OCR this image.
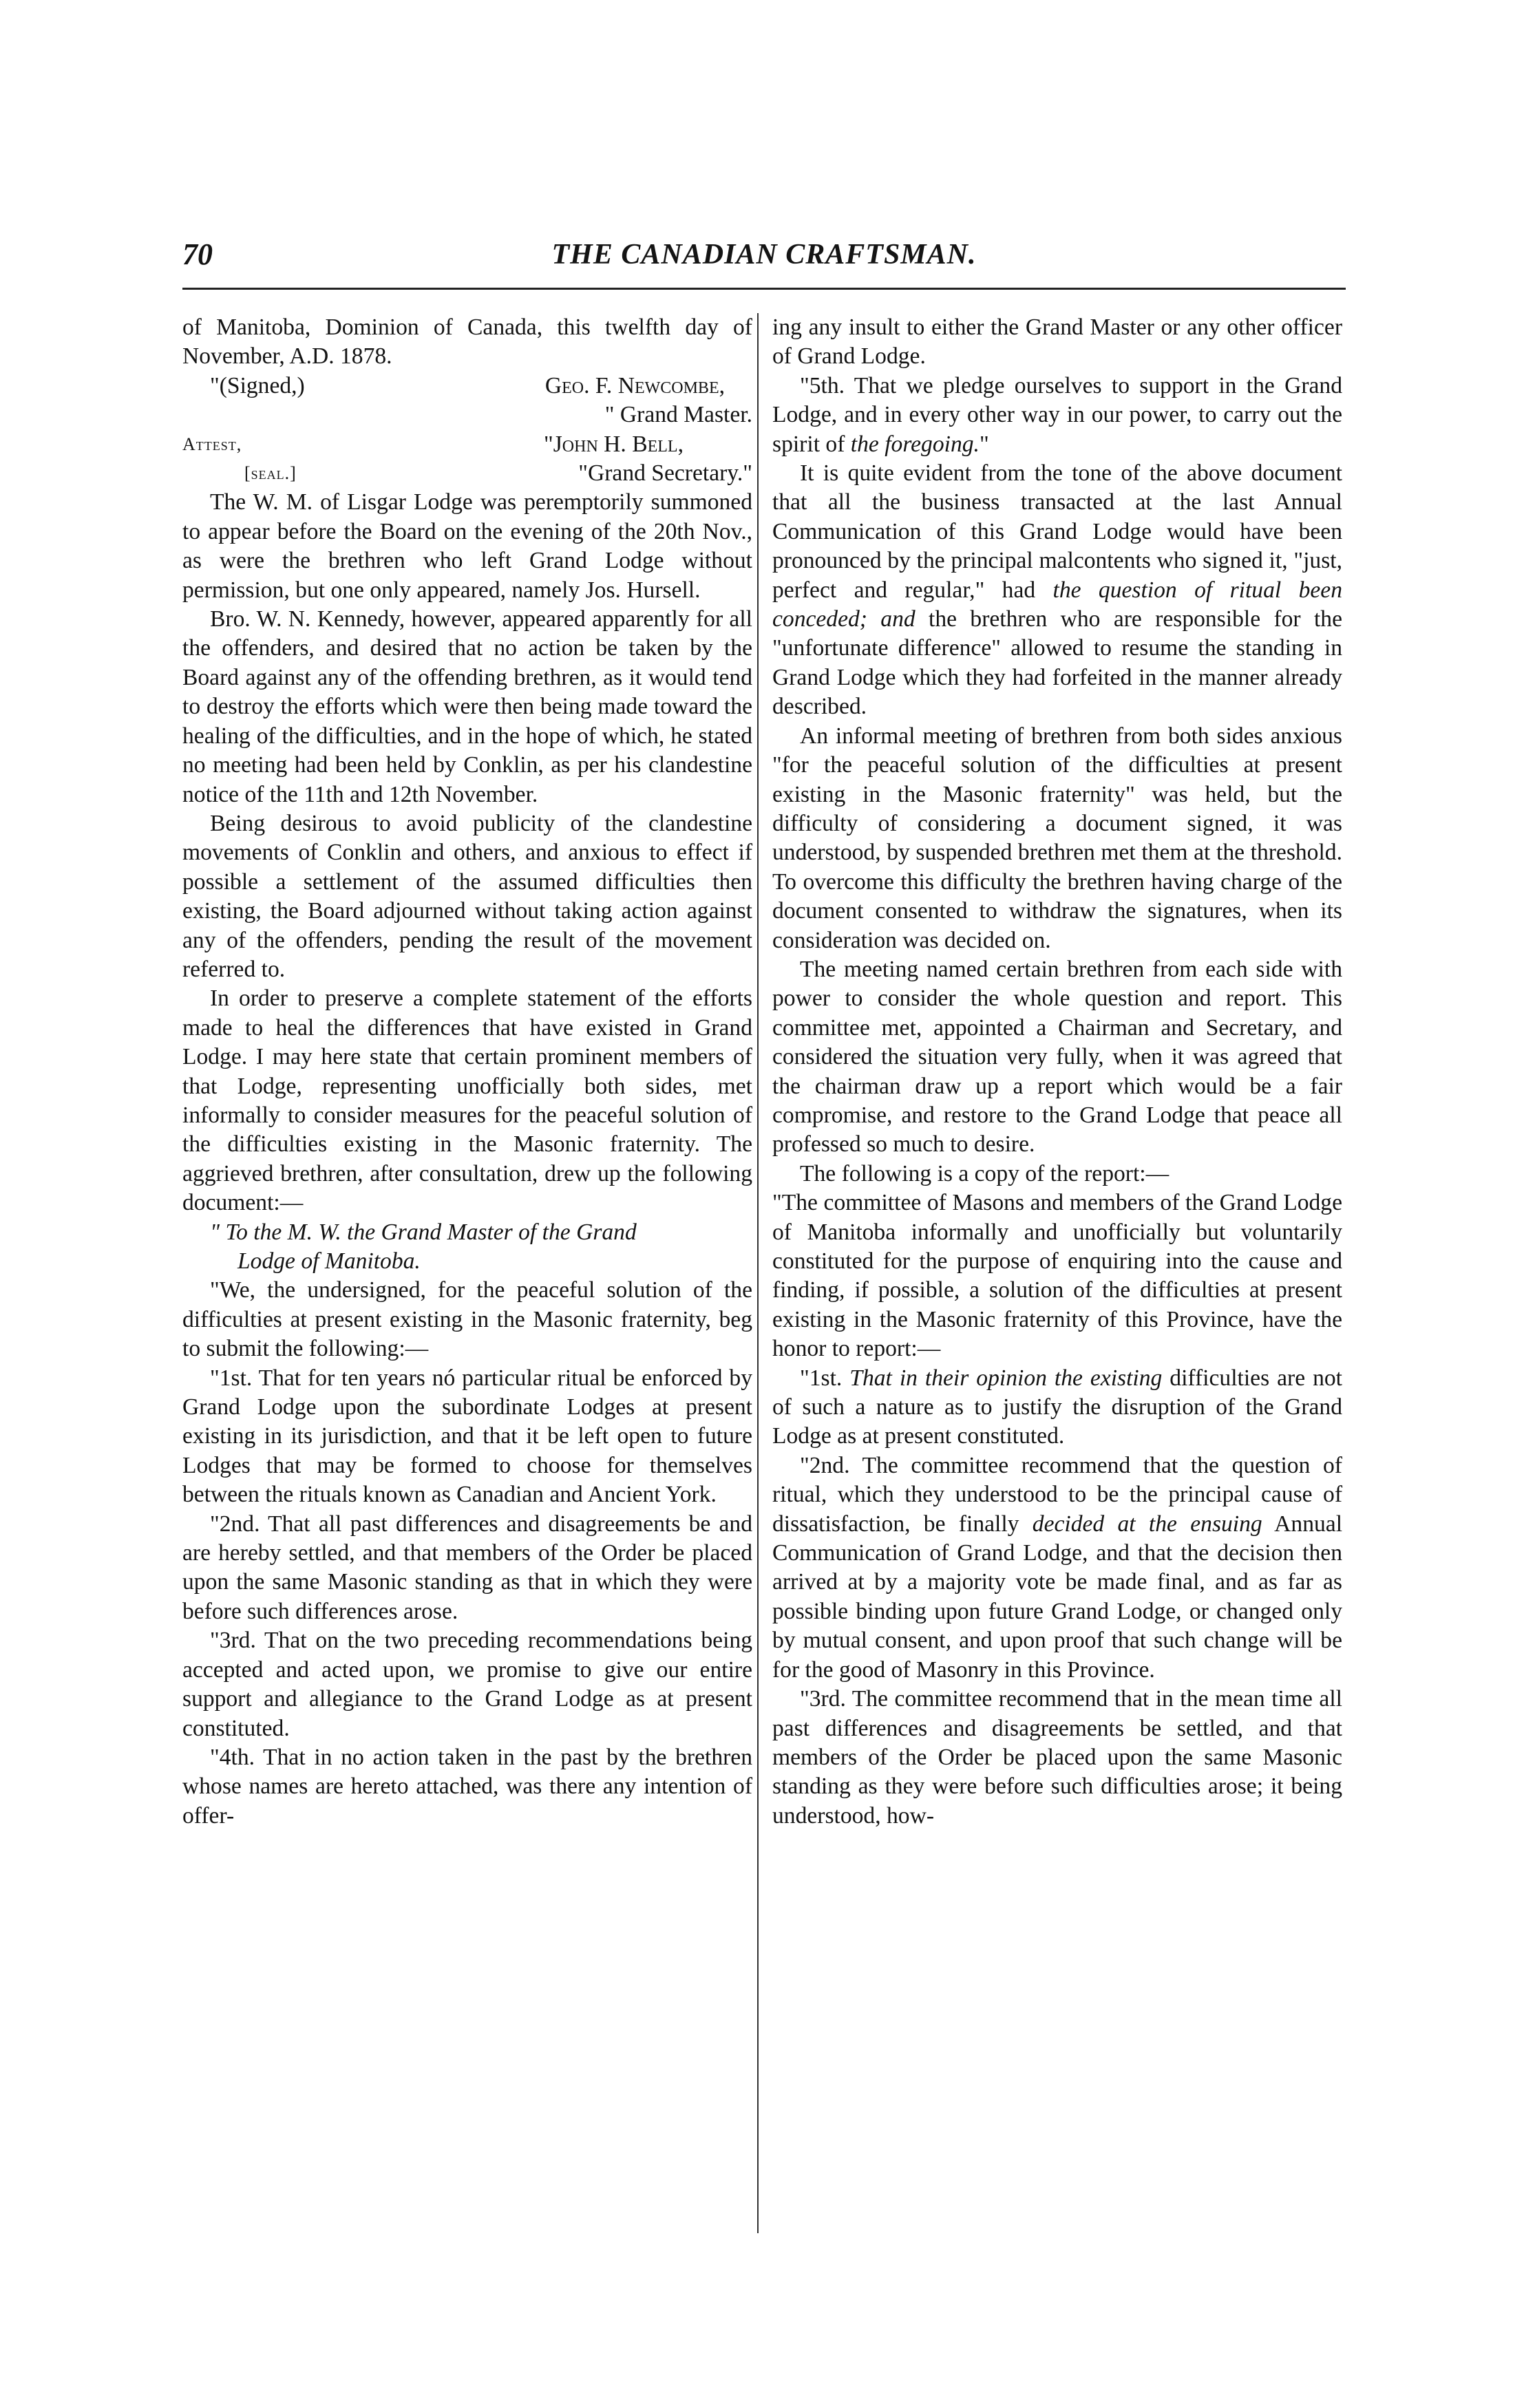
70	THE CANADIAN CRAFTSMAN.

of Manitoba, Dominion of Canada, this twelfth day of November, A.D. 1878.

"(Signed,)	Geo. F. Newcombe,
" Grand Master.
Attest,	"John H. Bell,
[seal.]	"Grand Secretary."

The W. M. of Lisgar Lodge was peremptorily summoned to appear before the Board on the evening of the 20th Nov., as were the brethren who left Grand Lodge without permission, but one only appeared, namely Jos. Hursell.

Bro. W. N. Kennedy, however, appeared apparently for all the offenders, and desired that no action be taken by the Board against any of the offending brethren, as it would tend to destroy the efforts which were then being made toward the healing of the difficulties, and in the hope of which, he stated no meeting had been held by Conklin, as per his clandestine notice of the 11th and 12th November.

Being desirous to avoid publicity of the clandestine movements of Conklin and others, and anxious to effect if possible a settlement of the assumed difficulties then existing, the Board adjourned without taking action against any of the offenders, pending the result of the movement referred to.

In order to preserve a complete statement of the efforts made to heal the differences that have existed in Grand Lodge. I may here state that certain prominent members of that Lodge, representing unofficially both sides, met informally to consider measures for the peaceful solution of the difficulties existing in the Masonic fraternity. The aggrieved brethren, after consultation, drew up the following document:—

" To the M. W. the Grand Master of the Grand
Lodge of Manitoba.

"We, the undersigned, for the peaceful solution of the difficulties at present existing in the Masonic fraternity, beg to submit the following:—

"1st. That for ten years nó particular ritual be enforced by Grand Lodge upon the subordinate Lodges at present existing in its jurisdiction, and that it be left open to future Lodges that may be formed to choose for themselves between the rituals known as Canadian and Ancient York.

"2nd. That all past differences and disagreements be and are hereby settled, and that members of the Order be placed upon the same Masonic standing as that in which they were before such differences arose.

"3rd. That on the two preceding recommendations being accepted and acted upon, we promise to give our entire support and allegiance to the Grand Lodge as at present constituted.

"4th. That in no action taken in the past by the brethren whose names are hereto attached, was there any intention of offer-

ing any insult to either the Grand Master or any other officer of Grand Lodge.

"5th. That we pledge ourselves to support in the Grand Lodge, and in every other way in our power, to carry out the spirit of the foregoing."

It is quite evident from the tone of the above document that all the business transacted at the last Annual Communication of this Grand Lodge would have been pronounced by the principal malcontents who signed it, "just, perfect and regular," had the question of ritual been conceded; and the brethren who are responsible for the "unfortunate difference" allowed to resume the standing in Grand Lodge which they had forfeited in the manner already described.

An informal meeting of brethren from both sides anxious "for the peaceful solution of the difficulties at present existing in the Masonic fraternity" was held, but the difficulty of considering a document signed, it was understood, by suspended brethren met them at the threshold. To overcome this difficulty the brethren having charge of the document consented to withdraw the signatures, when its consideration was decided on.

The meeting named certain brethren from each side with power to consider the whole question and report. This committee met, appointed a Chairman and Secretary, and considered the situation very fully, when it was agreed that the chairman draw up a report which would be a fair compromise, and restore to the Grand Lodge that peace all professed so much to desire.

The following is a copy of the report:—

"The committee of Masons and members of the Grand Lodge of Manitoba informally and unofficially but voluntarily constituted for the purpose of enquiring into the cause and finding, if possible, a solution of the difficulties at present existing in the Masonic fraternity of this Province, have the honor to report:—

"1st. That in their opinion the existing difficulties are not of such a nature as to justify the disruption of the Grand Lodge as at present constituted.

"2nd. The committee recommend that the question of ritual, which they understood to be the principal cause of dissatisfaction, be finally decided at the ensuing Annual Communication of Grand Lodge, and that the decision then arrived at by a majority vote be made final, and as far as possible binding upon future Grand Lodge, or changed only by mutual consent, and upon proof that such change will be for the good of Masonry in this Province.

"3rd. The committee recommend that in the mean time all past differences and disagreements be settled, and that members of the Order be placed upon the same Masonic standing as they were before such difficulties arose; it being understood, how-
